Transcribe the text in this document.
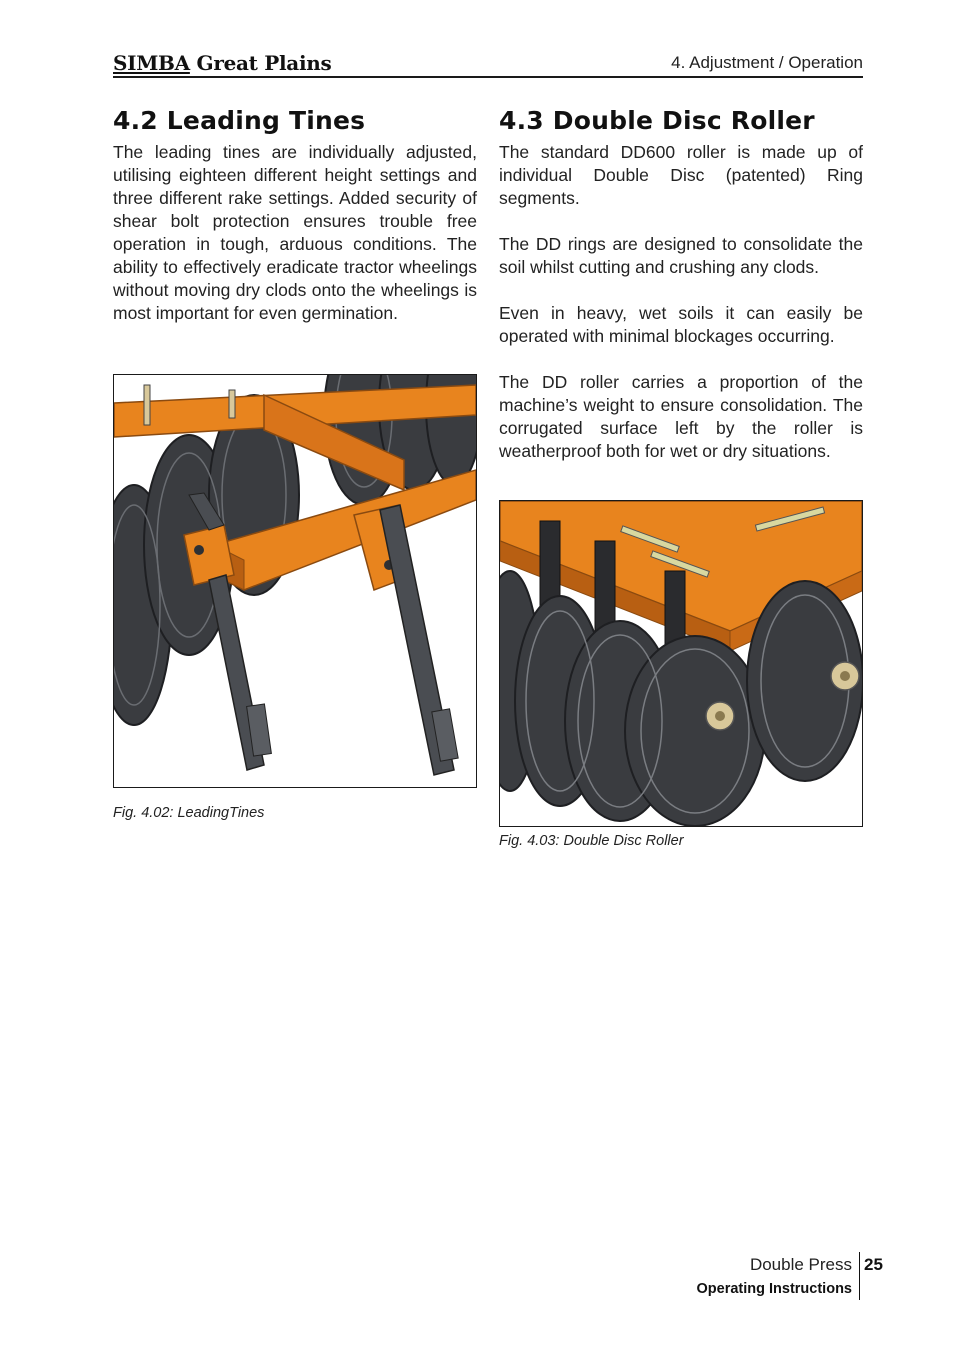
SIMBA Great Plains	4. Adjustment / Operation
4.2 Leading Tines

The leading tines are individually adjusted, utilising eighteen different height settings and three different rake settings. Added security of shear bolt protection ensures trouble free operation in tough, arduous conditions. The ability to effectively eradicate tractor wheelings without moving dry clods onto the wheelings is most important for even germination.

4.3 Double Disc Roller

The standard DD600 roller is made up of individual Double Disc (patented) Ring segments.

The DD rings are designed to consolidate the soil whilst cutting and crushing any clods.

Even in heavy, wet soils it can easily be operated with minimal blockages occurring.

The DD roller carries a proportion of the machine’s weight to ensure consolidation. The corrugated surface left by the roller is weatherproof both for wet or dry situations.

Fig. 4.02: LeadingTines
Fig. 4.03: Double Disc Roller
Double Press
Operating Instructions
25
